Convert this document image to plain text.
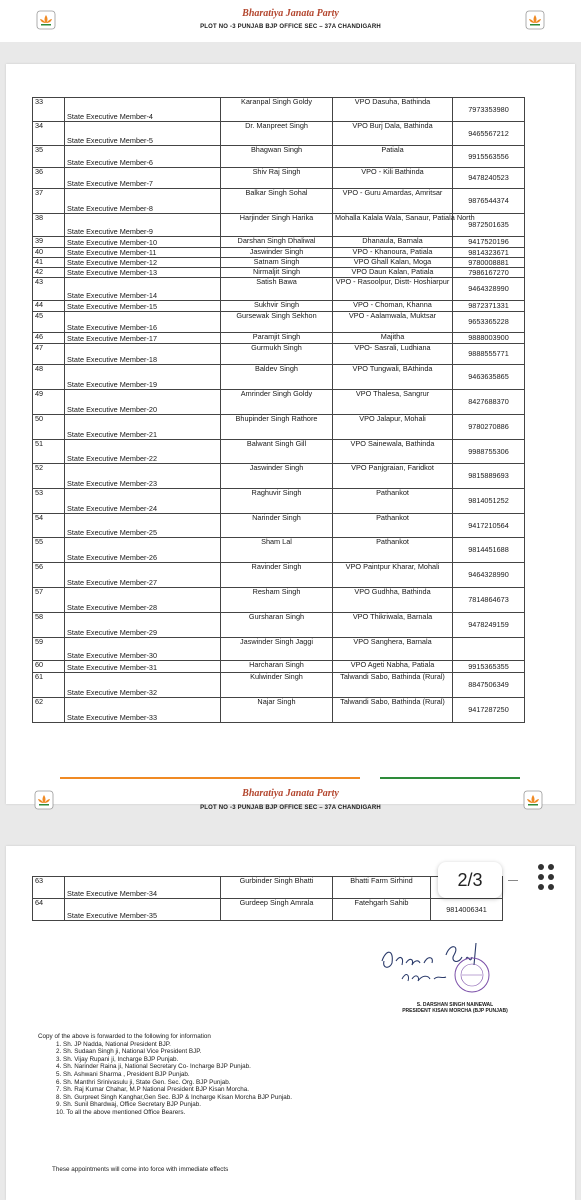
Bharatiya Janata Party
PLOT NO -3 PUNJAB BJP OFFICE SEC – 37A CHANDIGARH
33	State Executive Member-4	Karanpal Singh Goldy	VPO Dasuha, Bathinda	7973353980
34	State Executive Member-5	Dr. Manpreet Singh	VPO Burj Dala, Bathinda	9465567212
35	State Executive Member-6	Bhagwan Singh	Patiala	9915563556
36	State Executive Member-7	Shiv Raj Singh	VPO - Kili Bathinda	9478240523
37	State Executive Member-8	Balkar Singh Sohal	VPO - Guru Amardas, Amritsar	9876544374
38	State Executive Member-9	Harjinder Singh Harika	Mohalla Kalala Wala, Sanaur, Patiala North	9872501635
39	State Executive Member-10	Darshan Singh Dhaliwal	Dhanaula, Barnala	9417520196
40	State Executive Member-11	Jaswinder Singh	VPO - Khanoura, Patiala	9814323671
41	State Executive Member-12	Satnam Singh	VPO Ghall Kalan, Moga	9780008881
42	State Executive Member-13	Nirmaljit Singh	VPO Daun Kalan, Patiala	7986167270
43	State Executive Member-14	Satish Bawa	VPO - Rasoolpur, Distt- Hoshiarpur	9464328990
44	State Executive Member-15	Sukhvir Singh	VPO - Choman, Khanna	9872371331
45	State Executive Member-16	Gursewak Singh Sekhon	VPO - Aalamwala, Muktsar	9653365228
46	State Executive Member-17	Paramjit Singh	Majitha	9888003900
47	State Executive Member-18	Gurmukh Singh	VPO- Sasrali, Ludhiana	9888555771
48	State Executive Member-19	Baldev Singh	VPO Tungwali, BAthinda	9463635865
49	State Executive Member-20	Amrinder Singh Goldy	VPO Thalesa, Sangrur	8427688370
50	State Executive Member-21	Bhupinder Singh Rathore	VPO Jalapur, Mohali	9780270886
51	State Executive Member-22	Balwant Singh Gill	VPO Sainewala, Bathinda	9988755306
52	State Executive Member-23	Jaswinder Singh	VPO Panjgraian, Faridkot	9815889693
53	State Executive Member-24	Raghuvir Singh	Pathankot	9814051252
54	State Executive Member-25	Narinder Singh	Pathankot	9417210564
55	State Executive Member-26	Sham Lal	Pathankot	9814451688
56	State Executive Member-27	Ravinder Singh	VPO Paintpur Kharar, Mohali	9464328990
57	State Executive Member-28	Resham Singh	VPO Gudhha, Bathinda	7814864673
58	State Executive Member-29	Gursharan Singh	VPO Thikriwala, Barnala	9478249159
59	State Executive Member-30	Jaswinder Singh Jaggi	VPO Sanghera, Barnala	
60	State Executive Member-31	Harcharan Singh	VPO Ageti Nabha, Patiala	9915365355
61	State Executive Member-32	Kulwinder Singh	Talwandi Sabo, Bathinda (Rural)	8847506349
62	State Executive Member-33	Najar Singh	Talwandi Sabo, Bathinda (Rural)	9417287250
Bharatiya Janata Party
PLOT NO -3 PUNJAB BJP OFFICE SEC – 37A CHANDIGARH
63	State Executive Member-34	Gurbinder Singh Bhatti	Bhatti Farm Sirhind	
64	State Executive Member-35	Gurdeep Singh Amrala	Fatehgarh Sahib	9814006341
2/3
S. DARSHAN SINGH NAINEWAL
PRESIDENT KISAN MORCHA (BJP PUNJAB)
Copy of the above is forwarded to the following for information
1. Sh. JP Nadda, National President BJP.
2. Sh. Sudaan Singh ji, National Vice President BJP.
3. Sh. Vijay Rupani ji, Incharge BJP Punjab.
4. Sh. Narinder Raina ji, National Secretary Co- Incharge BJP Punjab.
5. Sh. Ashwani Sharma , President BJP Punjab.
6. Sh. Manthri Srinivasulu ji, State Gen. Sec. Org. BJP Punjab.
7. Sh. Raj Kumar Chahar, M.P National President BJP Kisan Morcha.
8. Sh. Gurpreet Singh Kanghar,Gen Sec. BJP & Incharge Kisan Morcha BJP Punjab.
9. Sh. Sunil Bhardwaj, Office Secretary BJP Punjab.
10. To all the above mentioned Office Bearers.
These appointments will come into force with immediate effects
